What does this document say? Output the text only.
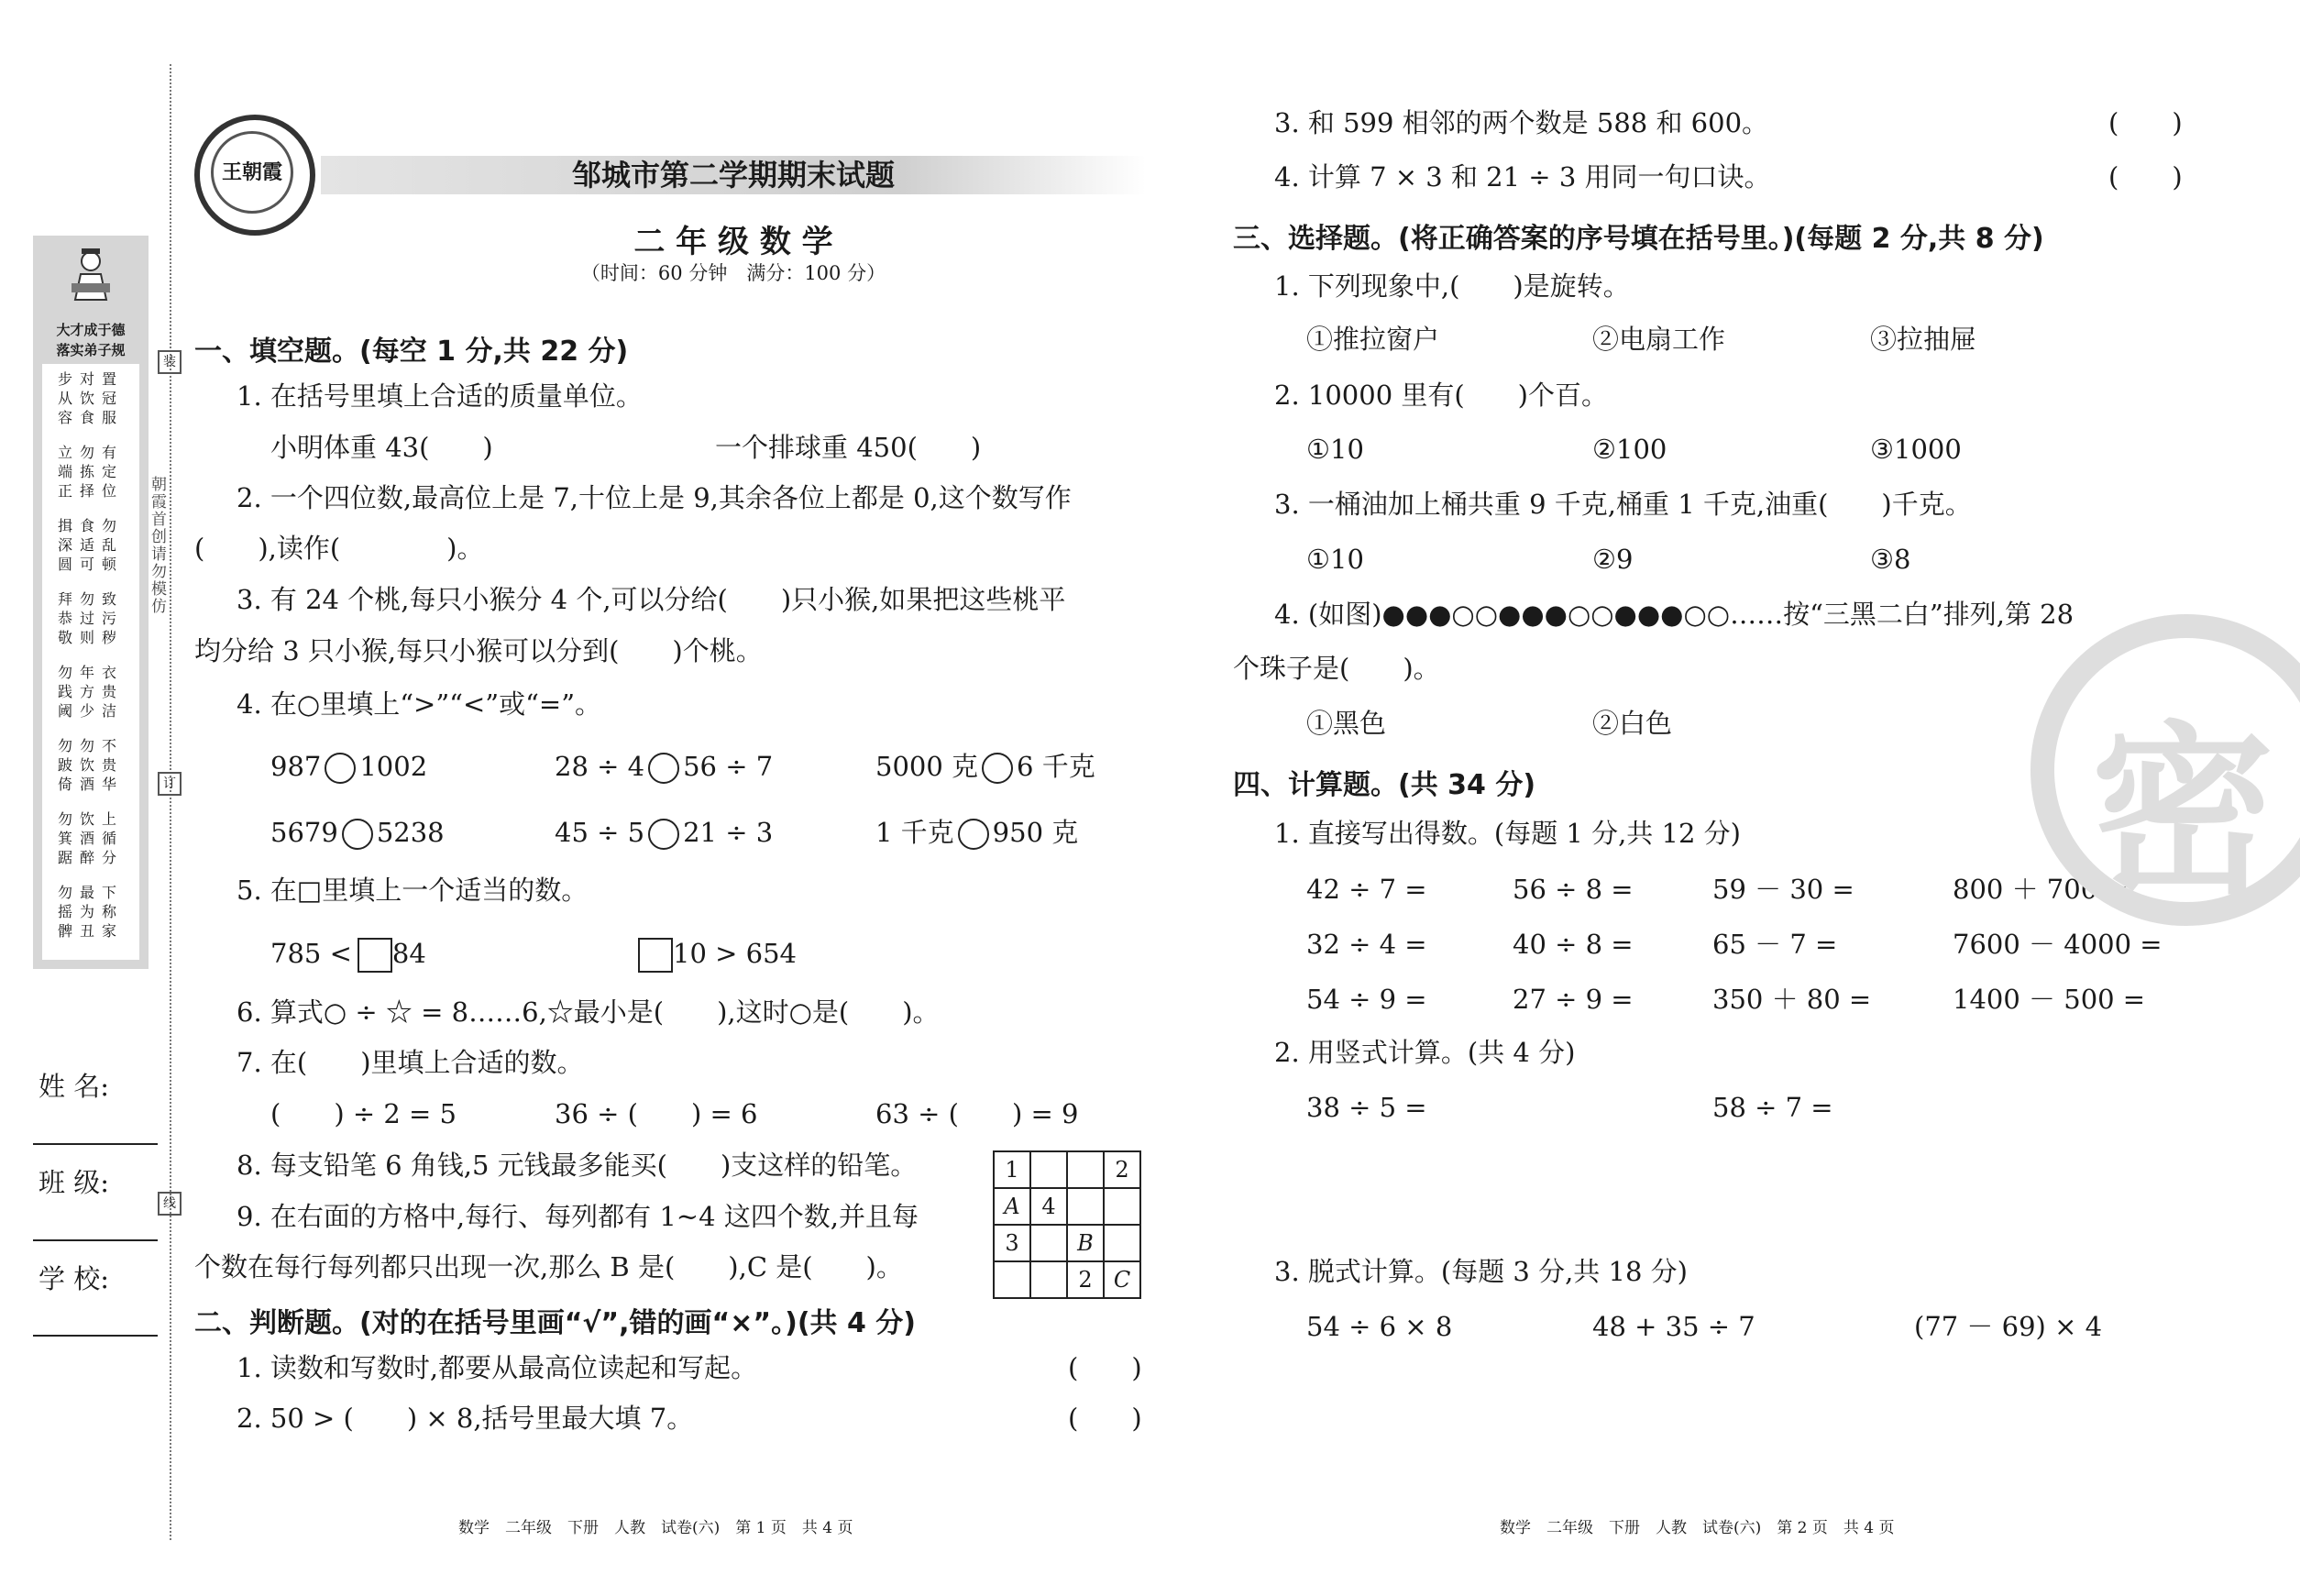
大才成于德
落实弟子规
步对置
从饮冠
容食服
立勿有
端拣定
正择位
揖食勿
深适乱
圆可顿
拜勿致
恭过污
敬则秽
勿年衣
践方贵
阈少洁
勿勿不
跛饮贵
倚酒华
勿饮上
箕酒循
踞醉分
勿最下
摇为称
髀丑家
装
订
线
朝霞首创　请勿模仿
姓 名:
班 级:
学 校:
王朝霞	邹城市第二学期期末试题
二 年 级 数 学
（时间：60 分钟　满分：100 分）
一、填空题。(每空 1 分,共 22 分)
1. 在括号里填上合适的质量单位。
小明体重 43(　　)	一个排球重 450(　　)
2. 一个四位数,最高位上是 7,十位上是 9,其余各位上都是 0,这个数写作
(　　),读作(　　　　)。
3. 有 24 个桃,每只小猴分 4 个,可以分给(　　)只小猴,如果把这些桃平
均分给 3 只小猴,每只小猴可以分到(　　)个桃。
4. 在○里填上“>”“<”或“=”。
987 1002	28 ÷ 4 56 ÷ 7	5000 克 6 千克
5679 5238	45 ÷ 5 21 ÷ 3	1 千克 950 克
5. 在□里填上一个适当的数。
785 < 84	10 > 654
6. 算式○ ÷ ☆ = 8……6,☆最小是(　　),这时○是(　　)。
7. 在(　　)里填上合适的数。
(　　) ÷ 2 = 5	36 ÷ (　　) = 6	63 ÷ (　　) = 9
8. 每支铅笔 6 角钱,5 元钱最多能买(　　)支这样的铅笔。
9. 在右面的方格中,每行、每列都有 1~4 这四个数,并且每
个数在每行每列都只出现一次,那么 B 是(　　),C 是(　　)。
1			2
A	4		
3		B	
		2	C
二、判断题。(对的在括号里画“√”,错的画“×”。)(共 4 分)
1. 读数和写数时,都要从最高位读起和写起。	(　　)
2. 50 > (　　) × 8,括号里最大填 7。	(　　)
3. 和 599 相邻的两个数是 588 和 600。	(　　)
4. 计算 7 × 3 和 21 ÷ 3 用同一句口诀。	(　　)
三、选择题。(将正确答案的序号填在括号里。)(每题 2 分,共 8 分)
1. 下列现象中,(　　)是旋转。
①推拉窗户	②电扇工作	③拉抽屉
2. 10000 里有(　　)个百。
①10	②100	③1000
3. 一桶油加上桶共重 9 千克,桶重 1 千克,油重(　　)千克。
①10	②9	③8
4. (如图)●●●○○●●●○○●●●○○……按“三黑二白”排列,第 28
个珠子是(　　)。
①黑色	②白色
四、计算题。(共 34 分)
1. 直接写出得数。(每题 1 分,共 12 分)
42 ÷ 7 =	56 ÷ 8 =	59 － 30 =	800 ＋ 700 =
32 ÷ 4 =	40 ÷ 8 =	65 － 7 =	7600 － 4000 =
54 ÷ 9 =	27 ÷ 9 =	350 ＋ 80 =	1400 － 500 =
2. 用竖式计算。(共 4 分)
38 ÷ 5 =	58 ÷ 7 =
3. 脱式计算。(每题 3 分,共 18 分)
54 ÷ 6 × 8	48 + 35 ÷ 7	(77 － 69) × 4
密
数学　二年级　下册　人教　试卷(六)　第 1 页　共 4 页	数学　二年级　下册　人教　试卷(六)　第 2 页　共 4 页
